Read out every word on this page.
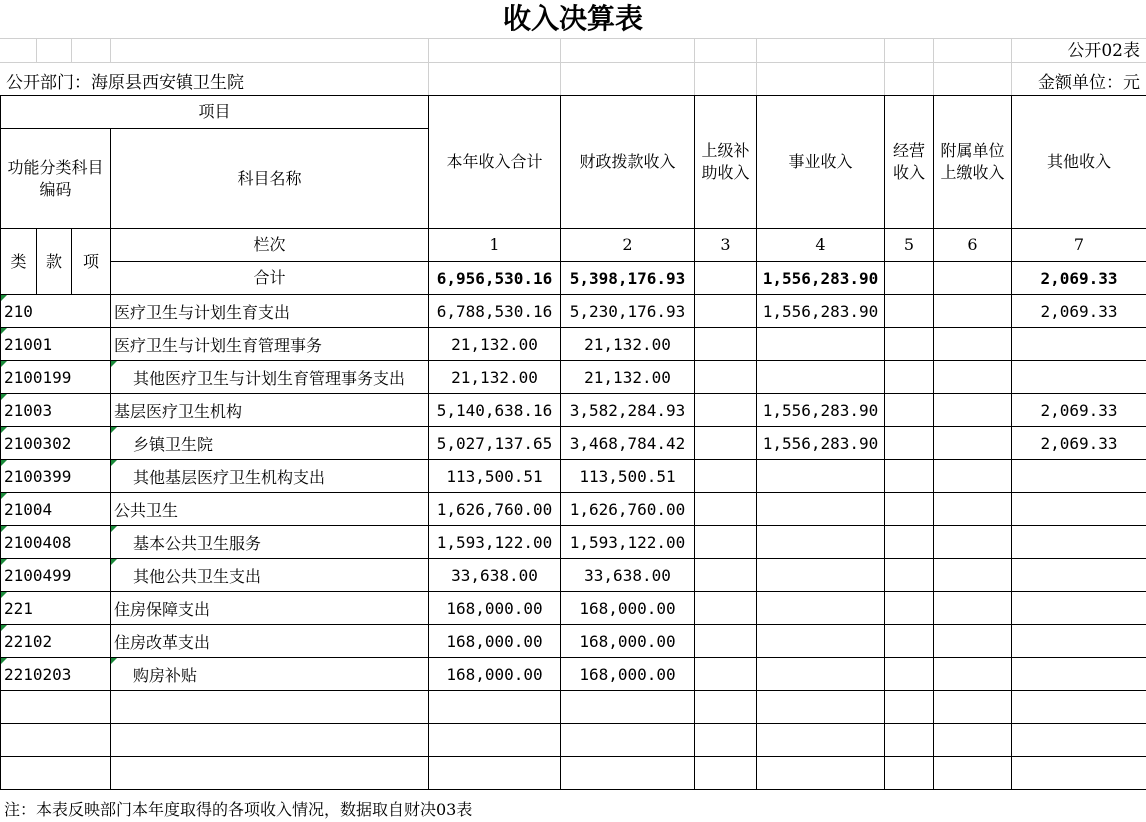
收入决算表
公开02表
公开部门：海原县西安镇卫生院	金额单位：元
项目				本年收入合计	财政拨款收入	上级补助收入	事业收入	经营收入	附属单位上缴收入	其他收入
功能分类科目编码			科目名称							
类	款	项	栏次	1	2	3	4	5	6	7
			合计	6,956,530.16	5,398,176.93		1,556,283.90			2,069.33
210			医疗卫生与计划生育支出	6,788,530.16	5,230,176.93		1,556,283.90			2,069.33
21001			医疗卫生与计划生育管理事务	21,132.00	21,132.00					
2100199			其他医疗卫生与计划生育管理事务支出	21,132.00	21,132.00					
21003			基层医疗卫生机构	5,140,638.16	3,582,284.93		1,556,283.90			2,069.33
2100302			乡镇卫生院	5,027,137.65	3,468,784.42		1,556,283.90			2,069.33
2100399			其他基层医疗卫生机构支出	113,500.51	113,500.51					
21004			公共卫生	1,626,760.00	1,626,760.00					
2100408			基本公共卫生服务	1,593,122.00	1,593,122.00					
2100499			其他公共卫生支出	33,638.00	33,638.00					
221			住房保障支出	168,000.00	168,000.00					
22102			住房改革支出	168,000.00	168,000.00					
2210203			购房补贴	168,000.00	168,000.00					

注：本表反映部门本年度取得的各项收入情况，数据取自财决03表
